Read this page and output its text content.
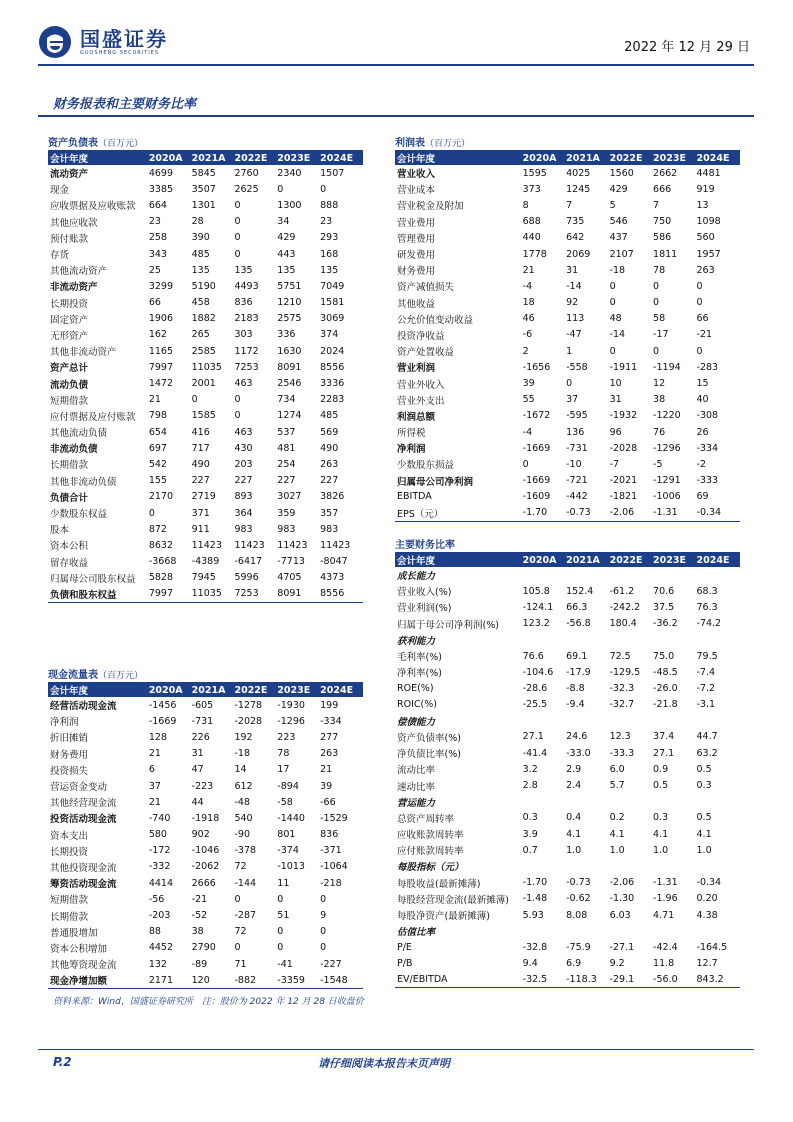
国盛证券
GUOSHENG SECURITIES	2022 年 12 月 29 日
财务报表和主要财务比率
资产负债表（百万元）
会计年度	2020A	2021A	2022E	2023E	2024E
流动资产	4699	5845	2760	2340	1507
现金	3385	3507	2625	0	0
应收票据及应收账款	664	1301	0	1300	888
其他应收款	23	28	0	34	23
预付账款	258	390	0	429	293
存货	343	485	0	443	168
其他流动资产	25	135	135	135	135
非流动资产	3299	5190	4493	5751	7049
长期投资	66	458	836	1210	1581
固定资产	1906	1882	2183	2575	3069
无形资产	162	265	303	336	374
其他非流动资产	1165	2585	1172	1630	2024
资产总计	7997	11035	7253	8091	8556
流动负债	1472	2001	463	2546	3336
短期借款	21	0	0	734	2283
应付票据及应付账款	798	1585	0	1274	485
其他流动负债	654	416	463	537	569
非流动负债	697	717	430	481	490
长期借款	542	490	203	254	263
其他非流动负债	155	227	227	227	227
负债合计	2170	2719	893	3027	3826
少数股东权益	0	371	364	359	357
股本	872	911	983	983	983
资本公积	8632	11423	11423	11423	11423
留存收益	-3668	-4389	-6417	-7713	-8047
归属母公司股东权益	5828	7945	5996	4705	4373
负债和股东权益	7997	11035	7253	8091	8556
利润表（百万元）
会计年度	2020A	2021A	2022E	2023E	2024E
营业收入	1595	4025	1560	2662	4481
营业成本	373	1245	429	666	919
营业税金及附加	8	7	5	7	13
营业费用	688	735	546	750	1098
管理费用	440	642	437	586	560
研发费用	1778	2069	2107	1811	1957
财务费用	21	31	-18	78	263
资产减值损失	-4	-14	0	0	0
其他收益	18	92	0	0	0
公允价值变动收益	46	113	48	58	66
投资净收益	-6	-47	-14	-17	-21
资产处置收益	2	1	0	0	0
营业利润	-1656	-558	-1911	-1194	-283
营业外收入	39	0	10	12	15
营业外支出	55	37	31	38	40
利润总额	-1672	-595	-1932	-1220	-308
所得税	-4	136	96	76	26
净利润	-1669	-731	-2028	-1296	-334
少数股东损益	0	-10	-7	-5	-2
归属母公司净利润	-1669	-721	-2021	-1291	-333
EBITDA	-1609	-442	-1821	-1006	69
EPS（元）	-1.70	-0.73	-2.06	-1.31	-0.34
主要财务比率
会计年度	2020A	2021A	2022E	2023E	2024E
成长能力					
营业收入(%)	105.8	152.4	-61.2	70.6	68.3
营业利润(%)	-124.1	66.3	-242.2	37.5	76.3
归属于母公司净利润(%)	123.2	-56.8	180.4	-36.2	-74.2
获利能力					
毛利率(%)	76.6	69.1	72.5	75.0	79.5
净利率(%)	-104.6	-17.9	-129.5	-48.5	-7.4
ROE(%)	-28.6	-8.8	-32.3	-26.0	-7.2
ROIC(%)	-25.5	-9.4	-32.7	-21.8	-3.1
偿债能力					
资产负债率(%)	27.1	24.6	12.3	37.4	44.7
净负债比率(%)	-41.4	-33.0	-33.3	27.1	63.2
流动比率	3.2	2.9	6.0	0.9	0.5
速动比率	2.8	2.4	5.7	0.5	0.3
营运能力					
总资产周转率	0.3	0.4	0.2	0.3	0.5
应收账款周转率	3.9	4.1	4.1	4.1	4.1
应付账款周转率	0.7	1.0	1.0	1.0	1.0
每股指标（元）					
每股收益(最新摊薄)	-1.70	-0.73	-2.06	-1.31	-0.34
每股经营现金流(最新摊薄)	-1.48	-0.62	-1.30	-1.96	0.20
每股净资产(最新摊薄)	5.93	8.08	6.03	4.71	4.38
估值比率					
P/E	-32.8	-75.9	-27.1	-42.4	-164.5
P/B	9.4	6.9	9.2	11.8	12.7
EV/EBITDA	-32.5	-118.3	-29.1	-56.0	843.2
现金流量表（百万元）
会计年度	2020A	2021A	2022E	2023E	2024E
经营活动现金流	-1456	-605	-1278	-1930	199
净利润	-1669	-731	-2028	-1296	-334
折旧摊销	128	226	192	223	277
财务费用	21	31	-18	78	263
投资损失	6	47	14	17	21
营运资金变动	37	-223	612	-894	39
其他经营现金流	21	44	-48	-58	-66
投资活动现金流	-740	-1918	540	-1440	-1529
资本支出	580	902	-90	801	836
长期投资	-172	-1046	-378	-374	-371
其他投资现金流	-332	-2062	72	-1013	-1064
筹资活动现金流	4414	2666	-144	11	-218
短期借款	-56	-21	0	0	0
长期借款	-203	-52	-287	51	9
普通股增加	88	38	72	0	0
资本公积增加	4452	2790	0	0	0
其他筹资现金流	132	-89	71	-41	-227
现金净增加额	2171	120	-882	-3359	-1548
资料来源：Wind，国盛证券研究所　注：股价为 2022 年 12 月 28 日收盘价
P.2	请仔细阅读本报告末页声明
